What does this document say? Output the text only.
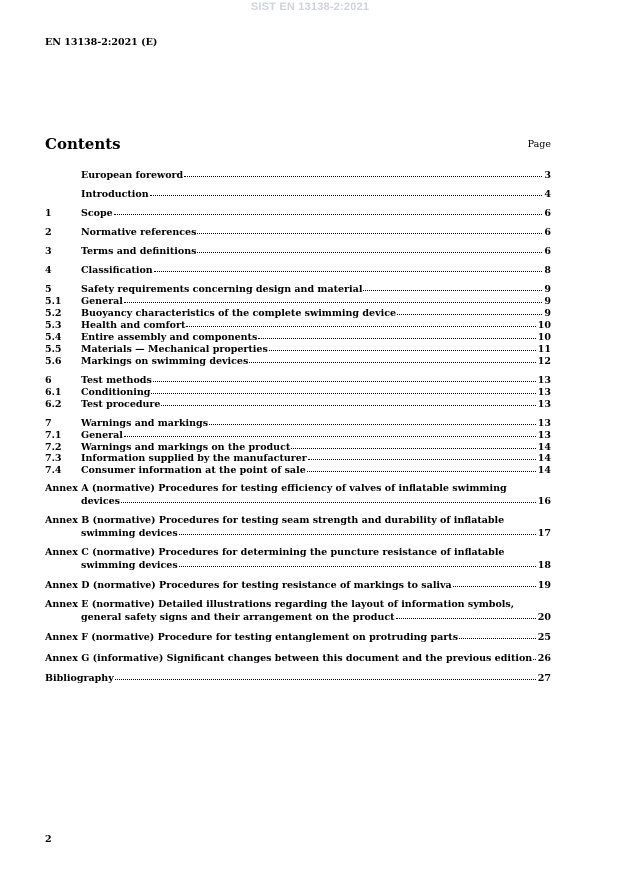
SIST EN 13138-2:2021
EN 13138-2:2021 (E)
Contents	Page
European foreword	3
Introduction	4
1	Scope	6
2	Normative references	6
3	Terms and definitions	6
4	Classification	8
5	Safety requirements concerning design and material	9
5.1	General	9
5.2	Buoyancy characteristics of the complete swimming device	9
5.3	Health and comfort	10
5.4	Entire assembly and components	10
5.5	Materials — Mechanical properties	11
5.6	Markings on swimming devices	12
6	Test methods	13
6.1	Conditioning	13
6.2	Test procedure	13
7	Warnings and markings	13
7.1	General	13
7.2	Warnings and markings on the product	14
7.3	Information supplied by the manufacturer	14
7.4	Consumer information at the point of sale	14
Annex A (normative) Procedures for testing efficiency of valves of inflatable swimming
devices	16
Annex B (normative) Procedures for testing seam strength and durability of inflatable
swimming devices	17
Annex C (normative) Procedures for determining the puncture resistance of inflatable
swimming devices	18
Annex D (normative) Procedures for testing resistance of markings to saliva	19
Annex E (normative) Detailed illustrations regarding the layout of information symbols,
general safety signs and their arrangement on the product	20
Annex F (normative) Procedure for testing entanglement on protruding parts	25
Annex G (informative) Significant changes between this document and the previous edition 26
Bibliography	27
2
